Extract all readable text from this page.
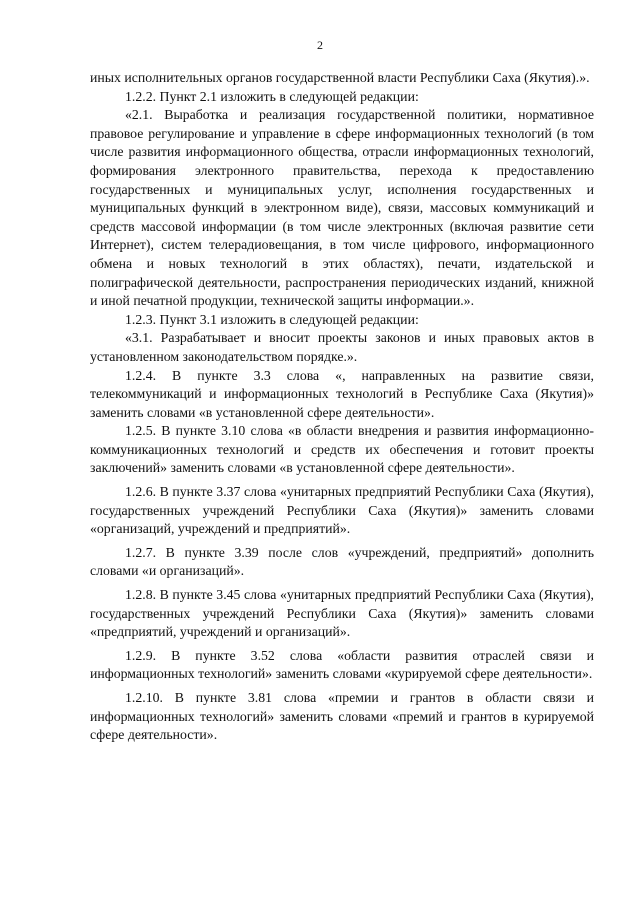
2

иных исполнительных органов государственной власти Республики Саха (Якутия).».

1.2.2. Пункт 2.1 изложить в следующей редакции:

«2.1. Выработка и реализация государственной политики, нормативное правовое регулирование и управление в сфере информационных технологий (в том числе развития информационного общества, отрасли информационных технологий, формирования электронного правительства, перехода к предоставлению государственных и муниципальных услуг, исполнения государственных и муниципальных функций в электронном виде), связи, массовых коммуникаций и средств массовой информации (в том числе электронных (включая развитие сети Интернет), систем телерадиовещания, в том числе цифрового, информационного обмена и новых технологий в этих областях), печати, издательской и полиграфической деятельности, распространения периодических изданий, книжной и иной печатной продукции, технической защиты информации.».

1.2.3. Пункт 3.1 изложить в следующей редакции:

«3.1. Разрабатывает и вносит проекты законов и иных правовых актов в установленном законодательством порядке.».

1.2.4. В пункте 3.3 слова «, направленных на развитие связи, телекоммуникаций и информационных технологий в Республике Саха (Якутия)» заменить словами «в установленной сфере деятельности».

1.2.5. В пункте 3.10 слова «в области внедрения и развития информационно-коммуникационных технологий и средств их обеспечения и готовит проекты заключений» заменить словами «в установленной сфере деятельности».

1.2.6. В пункте 3.37 слова «унитарных предприятий Республики Саха (Якутия), государственных учреждений Республики Саха (Якутия)» заменить словами «организаций, учреждений и предприятий».

1.2.7. В пункте 3.39 после слов «учреждений, предприятий» дополнить словами «и организаций».

1.2.8. В пункте 3.45 слова «унитарных предприятий Республики Саха (Якутия), государственных учреждений Республики Саха (Якутия)» заменить словами «предприятий, учреждений и организаций».

1.2.9. В пункте 3.52 слова «области развития отраслей связи и информационных технологий» заменить словами «курируемой сфере деятельности».

1.2.10. В пункте 3.81 слова «премии и грантов в области связи и информационных технологий» заменить словами «премий и грантов в курируемой сфере деятельности».
